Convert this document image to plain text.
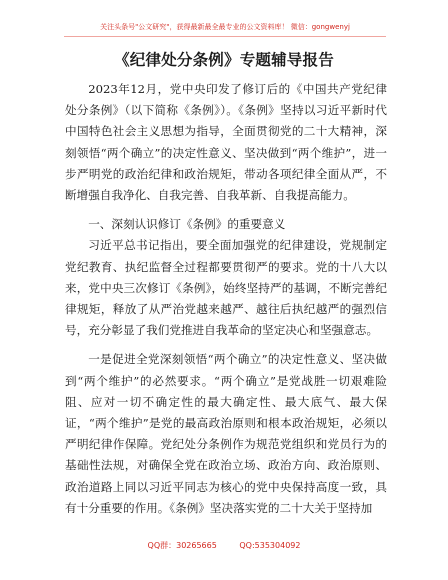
关注头条号"公文研究"，获得最新最全最专业的公文资料库！ 微信：gongwenyj
《纪律处分条例》专题辅导报告

2023年12月，党中央印发了修订后的《中国共产党纪律处分条例》（以下简称《条例》）。《条例》坚持以习近平新时代中国特色社会主义思想为指导，全面贯彻党的二十大精神，深刻领悟“两个确立”的决定性意义、坚决做到“两个维护”，进一步严明党的政治纪律和政治规矩，带动各项纪律全面从严，不断增强自我净化、自我完善、自我革新、自我提高能力。

一、深刻认识修订《条例》的重要意义

习近平总书记指出，要全面加强党的纪律建设，党规制定党纪教育、执纪监督全过程都要贯彻严的要求。党的十八大以来，党中央三次修订《条例》，始终坚持严的基调，不断完善纪律规矩，释放了从严治党越来越严、越往后执纪越严的强烈信号，充分彰显了我们党推进自我革命的坚定决心和坚强意志。

一是促进全党深刻领悟“两个确立”的决定性意义、坚决做到“两个维护”的必然要求。“两个确立”是党战胜一切艰难险阻、应对一切不确定性的最大确定性、最大底气、最大保证，“两个维护”是党的最高政治原则和根本政治规矩，必须以严明纪律作保障。党纪处分条例作为规范党组织和党员行为的基础性法规，对确保全党在政治立场、政治方向、政治原则、政治道路上同以习近平同志为核心的党中央保持高度一致，具有十分重要的作用。《条例》坚决落实党的二十大关于坚持加

QQ群：30265665	QQ:535304092
